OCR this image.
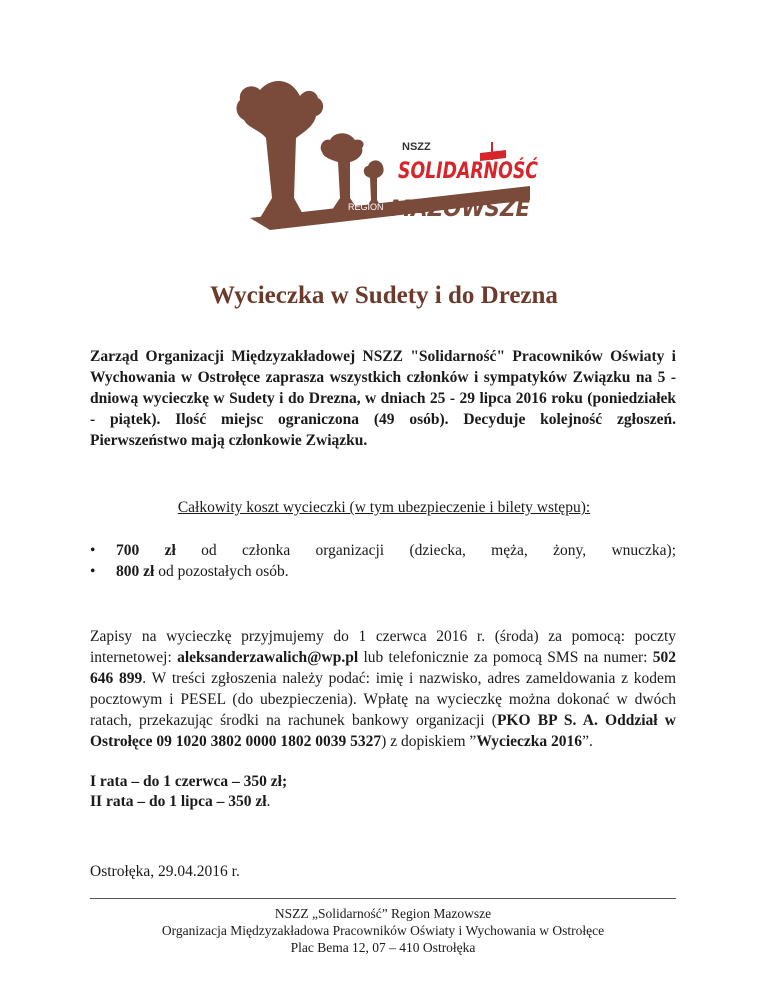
NSZZ
SOLIDARNOŚĆ
REGION MAZOWSZE
Wycieczka w Sudety i do Drezna
Zarząd Organizacji Międzyzakładowej NSZZ "Solidarność" Pracowników Oświaty i Wychowania w Ostrołęce zaprasza wszystkich członków i sympatyków Związku na 5 - dniową wycieczkę w Sudety i do Drezna, w dniach 25 - 29 lipca 2016 roku (poniedziałek - piątek). Ilość miejsc ograniczona (49 osób). Decyduje kolejność zgłoszeń. Pierwszeństwo mają członkowie Związku.
Całkowity koszt wycieczki (w tym ubezpieczenie i bilety wstępu):
• 700 zł od członka organizacji (dziecka, męża, żony, wnuczka);
• 800 zł od pozostałych osób.
Zapisy na wycieczkę przyjmujemy do 1 czerwca 2016 r. (środa) za pomocą: poczty internetowej: aleksanderzawalich@wp.pl lub telefonicznie za pomocą SMS na numer: 502 646 899. W treści zgłoszenia należy podać: imię i nazwisko, adres zameldowania z kodem pocztowym i PESEL (do ubezpieczenia). Wpłatę na wycieczkę można dokonać w dwóch ratach, przekazując środki na rachunek bankowy organizacji (PKO BP S. A. Oddział w Ostrołęce 09 1020 3802 0000 1802 0039 5327) z dopiskiem ”Wycieczka 2016”.
I rata – do 1 czerwca – 350 zł;
II rata – do 1 lipca – 350 zł.
Ostrołęka, 29.04.2016 r.
NSZZ „Solidarność” Region Mazowsze
Organizacja Międzyzakładowa Pracowników Oświaty i Wychowania w Ostrołęce
Plac Bema 12, 07 – 410 Ostrołęka
